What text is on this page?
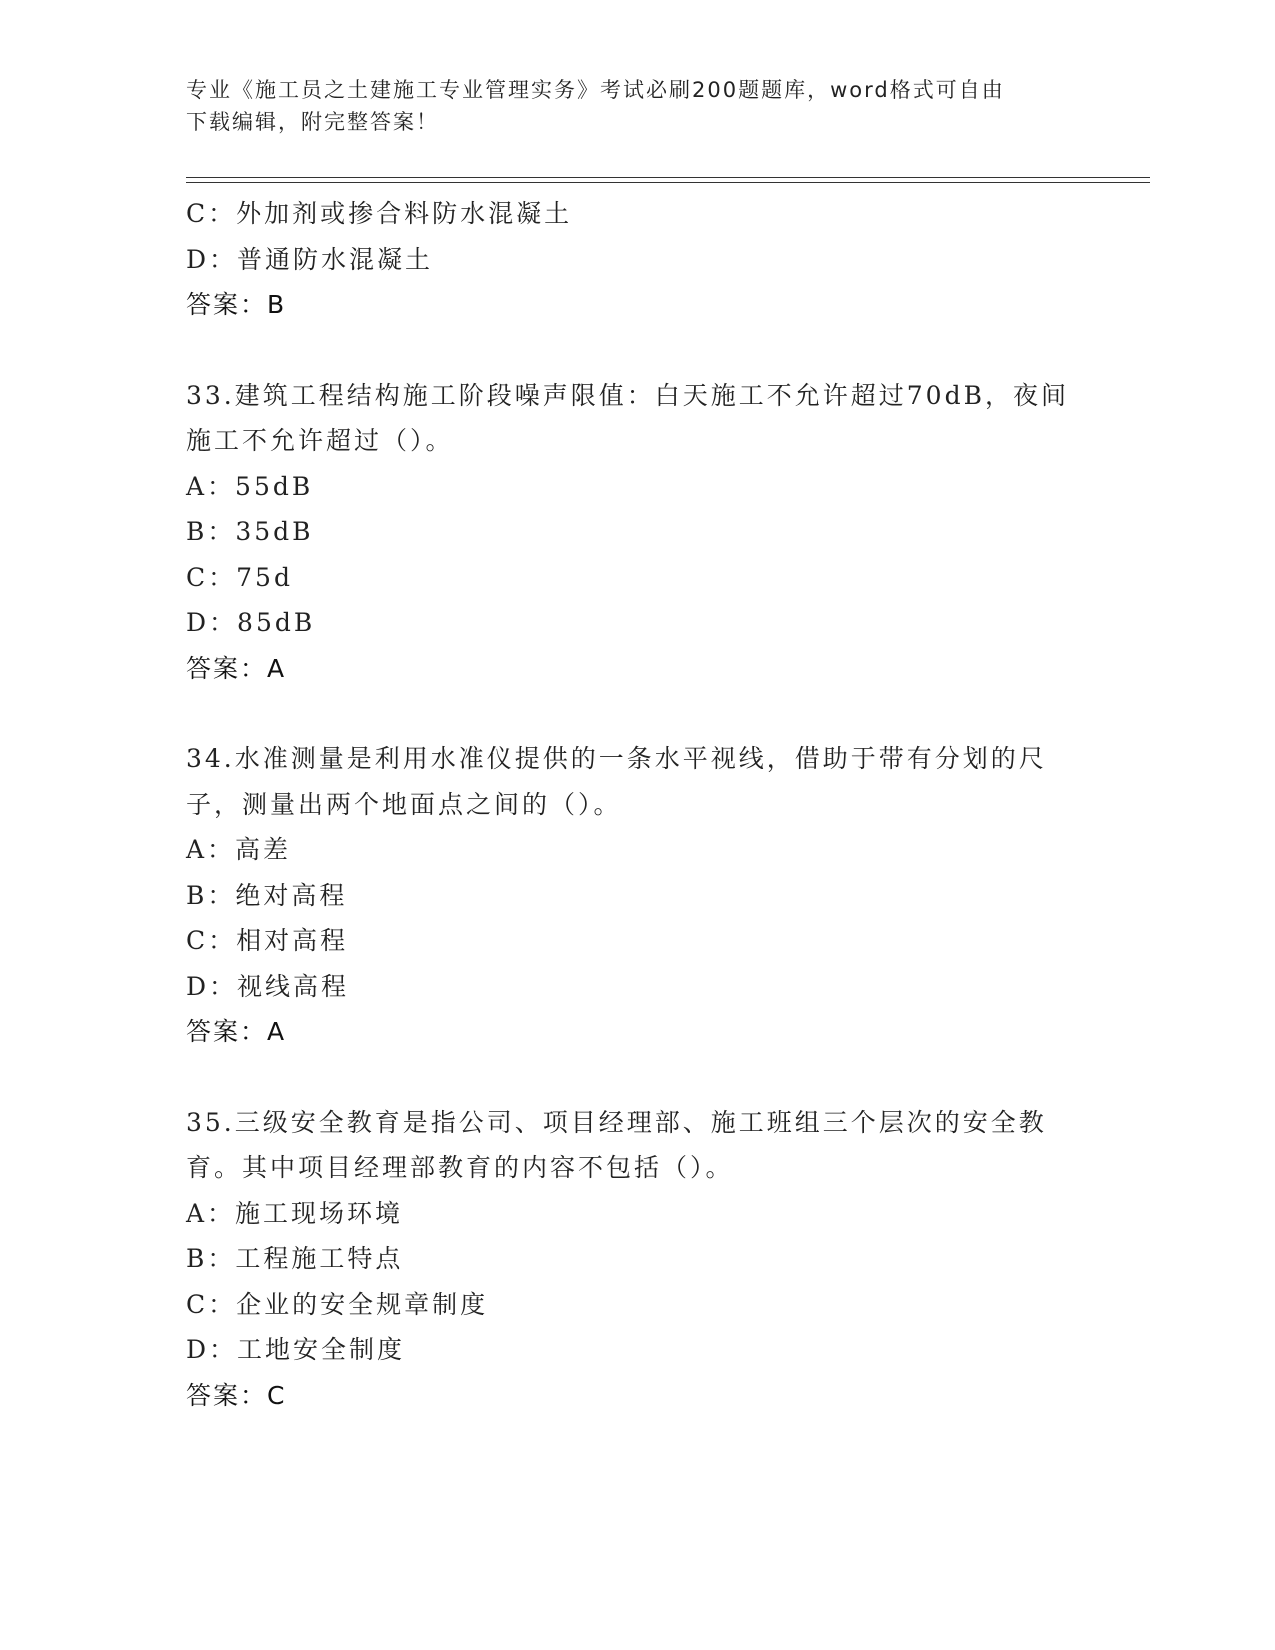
专业《施工员之土建施工专业管理实务》考试必刷200题题库，word格式可自由
下载编辑，附完整答案！
C：外加剂或掺合料防水混凝土
D：普通防水混凝土
答案：B
33.建筑工程结构施工阶段噪声限值：白天施工不允许超过70dB，夜间
施工不允许超过（）。
A：55dB
B：35dB
C：75d
D：85dB
答案：A
34.水准测量是利用水准仪提供的一条水平视线，借助于带有分划的尺
子，测量出两个地面点之间的（）。
A：高差
B：绝对高程
C：相对高程
D：视线高程
答案：A
35.三级安全教育是指公司、项目经理部、施工班组三个层次的安全教
育。其中项目经理部教育的内容不包括（）。
A：施工现场环境
B：工程施工特点
C：企业的安全规章制度
D：工地安全制度
答案：C
